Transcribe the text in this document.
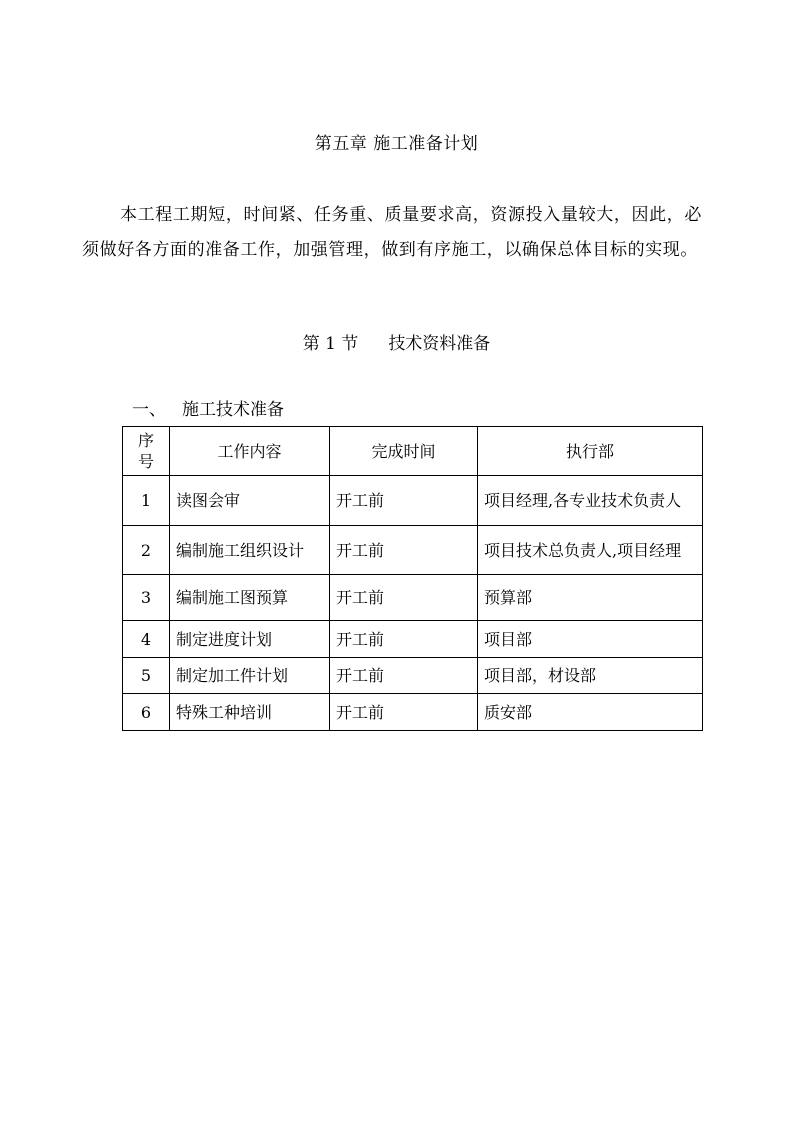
第五章 施工准备计划

本工程工期短，时间紧、任务重、质量要求高，资源投入量较大，因此，必须做好各方面的准备工作，加强管理，做到有序施工，以确保总体目标的实现。

第 1 节 技术资料准备
一、 施工技术准备
序
号	工作内容	完成时间	执行部
1	读图会审	开工前	项目经理,各专业技术负责人
2	编制施工组织设计	开工前	项目技术总负责人,项目经理
3	编制施工图预算	开工前	预算部
4	制定进度计划	开工前	项目部
5	制定加工件计划	开工前	项目部，材设部
6	特殊工种培训	开工前	质安部
